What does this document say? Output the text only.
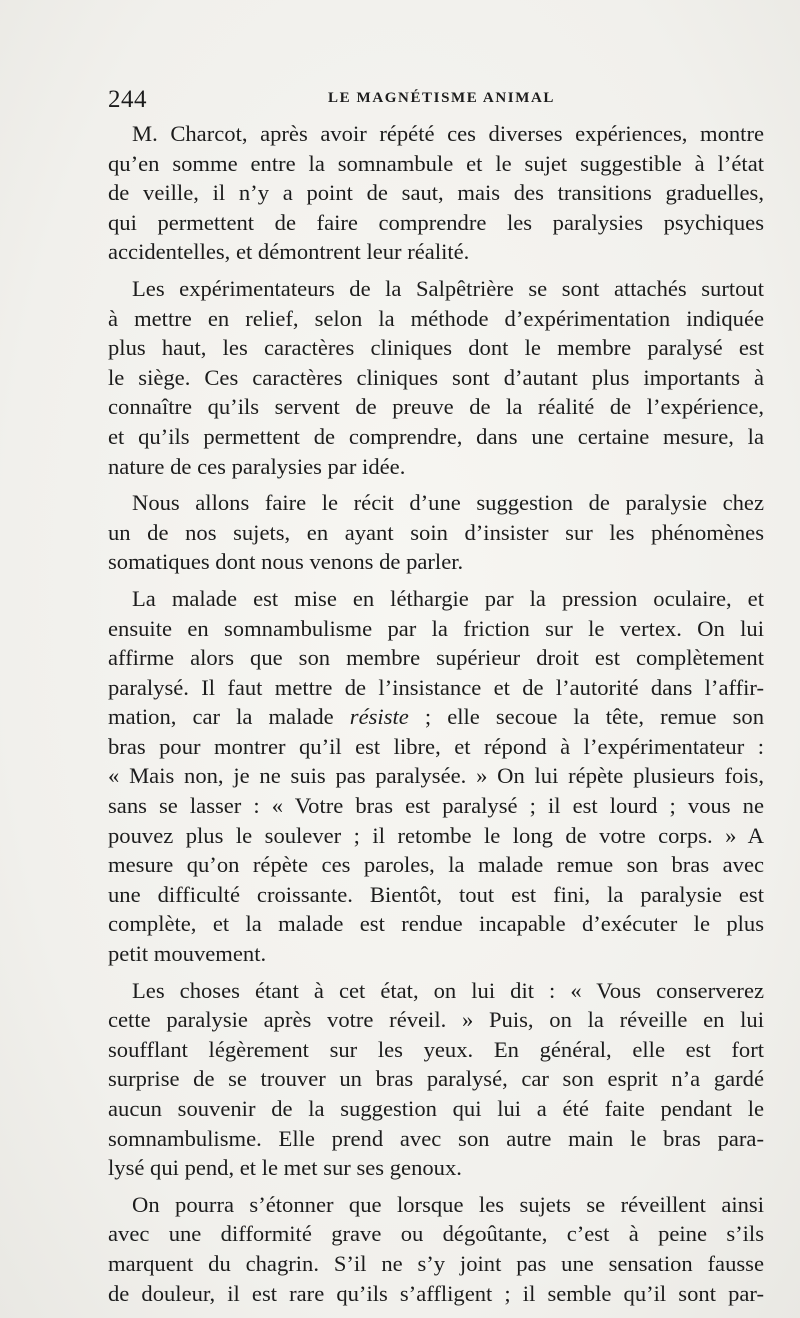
244	LE MAGNÉTISME ANIMAL
M. Charcot, après avoir répété ces diverses expériences, montre
qu’en somme entre la somnambule et le sujet suggestible à l’état
de veille, il n’y a point de saut, mais des transitions graduelles,
qui permettent de faire comprendre les paralysies psychiques
accidentelles, et démontrent leur réalité.
Les expérimentateurs de la Salpêtrière se sont attachés surtout
à mettre en relief, selon la méthode d’expérimentation indiquée
plus haut, les caractères cliniques dont le membre paralysé est
le siège. Ces caractères cliniques sont d’autant plus importants à
connaître qu’ils servent de preuve de la réalité de l’expérience,
et qu’ils permettent de comprendre, dans une certaine mesure, la
nature de ces paralysies par idée.
Nous allons faire le récit d’une suggestion de paralysie chez
un de nos sujets, en ayant soin d’insister sur les phénomènes
somatiques dont nous venons de parler.
La malade est mise en léthargie par la pression oculaire, et
ensuite en somnambulisme par la friction sur le vertex. On lui
affirme alors que son membre supérieur droit est complètement
paralysé. Il faut mettre de l’insistance et de l’autorité dans l’affir-
mation, car la malade résiste ; elle secoue la tête, remue son
bras pour montrer qu’il est libre, et répond à l’expérimentateur :
« Mais non, je ne suis pas paralysée. » On lui répète plusieurs fois,
sans se lasser : « Votre bras est paralysé ; il est lourd ; vous ne
pouvez plus le soulever ; il retombe le long de votre corps. » A
mesure qu’on répète ces paroles, la malade remue son bras avec
une difficulté croissante. Bientôt, tout est fini, la paralysie est
complète, et la malade est rendue incapable d’exécuter le plus
petit mouvement.
Les choses étant à cet état, on lui dit : « Vous conserverez
cette paralysie après votre réveil. » Puis, on la réveille en lui
soufflant légèrement sur les yeux. En général, elle est fort
surprise de se trouver un bras paralysé, car son esprit n’a gardé
aucun souvenir de la suggestion qui lui a été faite pendant le
somnambulisme. Elle prend avec son autre main le bras para-
lysé qui pend, et le met sur ses genoux.
On pourra s’étonner que lorsque les sujets se réveillent ainsi
avec une difformité grave ou dégoûtante, c’est à peine s’ils
marquent du chagrin. S’il ne s’y joint pas une sensation fausse
de douleur, il est rare qu’ils s’affligent ; il semble qu’il sont par-
